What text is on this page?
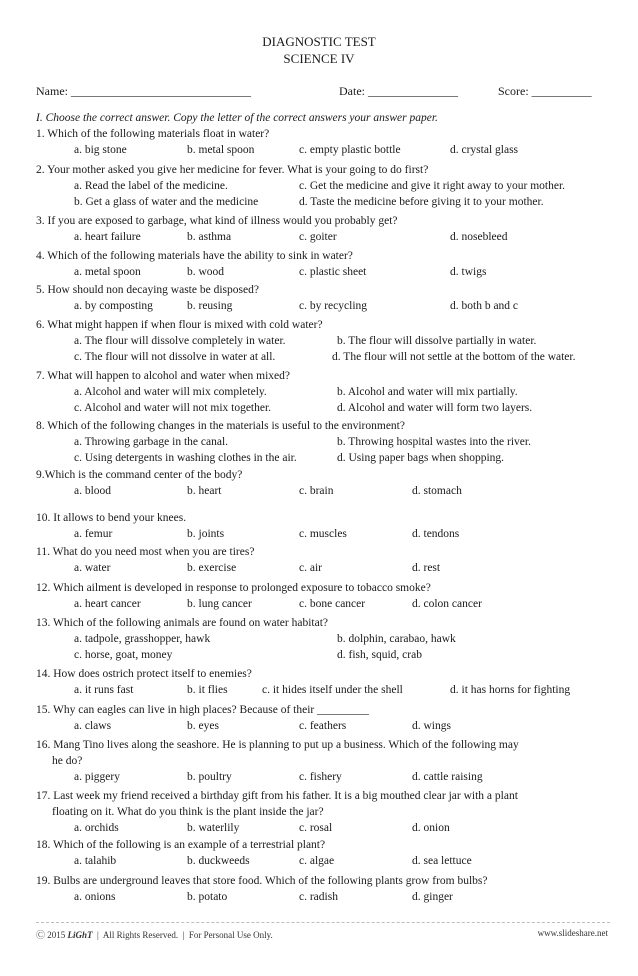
DIAGNOSTIC TEST
SCIENCE IV
Name: ______________________________	Date: _______________	Score: __________
I. Choose the correct answer. Copy the letter of the correct answers your answer paper.
1. Which of the following materials float in water?
a. big stone	b. metal spoon	c. empty plastic bottle	d. crystal glass
2. Your mother asked you give her medicine for fever. What is your going to do first?
a. Read the label of the medicine.	c. Get the medicine and give it right away to your mother.
b. Get a glass of water and the medicine	d. Taste the medicine before giving it to your mother.
3. If you are exposed to garbage, what kind of illness would you probably get?
a. heart failure	b. asthma	c. goiter	d. nosebleed
4. Which of the following materials have the ability to sink in water?
a. metal spoon	b. wood	c. plastic sheet	d. twigs
5. How should non decaying waste be disposed?
a. by composting	b. reusing	c. by recycling	d. both b and c
6. What might happen if when flour is mixed with cold water?
a. The flour will dissolve completely in water.	b. The flour will dissolve partially in water.
c. The flour will not dissolve in water at all.	d. The flour will not settle at the bottom of the water.
7. What will happen to alcohol and water when mixed?
a. Alcohol and water will mix completely.	b. Alcohol and water will mix partially.
c. Alcohol and water will not mix together.	d. Alcohol and water will form two layers.
8. Which of the following changes in the materials is useful to the environment?
a. Throwing garbage in the canal.	b. Throwing hospital wastes into the river.
c. Using detergents in washing clothes in the air.	d. Using paper bags when shopping.
9.Which is the command center of the body?
a. blood	b. heart	c. brain	d. stomach
10. It allows to bend your knees.
a. femur	b. joints	c. muscles	d. tendons
11. What do you need most when you are tires?
a. water	b. exercise	c. air	d. rest
12. Which ailment is developed in response to prolonged exposure to tobacco smoke?
a. heart cancer	b. lung cancer	c. bone cancer	d. colon cancer
13. Which of the following animals are found on water habitat?
a. tadpole, grasshopper, hawk	b. dolphin, carabao, hawk
c. horse, goat, money	d. fish, squid, crab
14. How does ostrich protect itself to enemies?
a. it runs fast	b. it flies	c. it hides itself under the shell	d. it has horns for fighting
15. Why can eagles can live in high places? Because of their _________
a. claws	b. eyes	c. feathers	d. wings
16. Mang Tino lives along the seashore. He is planning to put up a business. Which of the following may
he do?
a. piggery	b. poultry	c. fishery	d. cattle raising
17. Last week my friend received a birthday gift from his father. It is a big mouthed clear jar with a plant
floating on it. What do you think is the plant inside the jar?
a. orchids	b. waterlily	c. rosal	d. onion
18. Which of the following is an example of a terrestrial plant?
a. talahib	b. duckweeds	c. algae	d. sea lettuce
19. Bulbs are underground leaves that store food. Which of the following plants grow from bulbs?
a. onions	b. potato	c. radish	d. ginger
Ⓒ 2015 LiGhT  |  All Rights Reserved.  |  For Personal Use Only.	www.slideshare.net
